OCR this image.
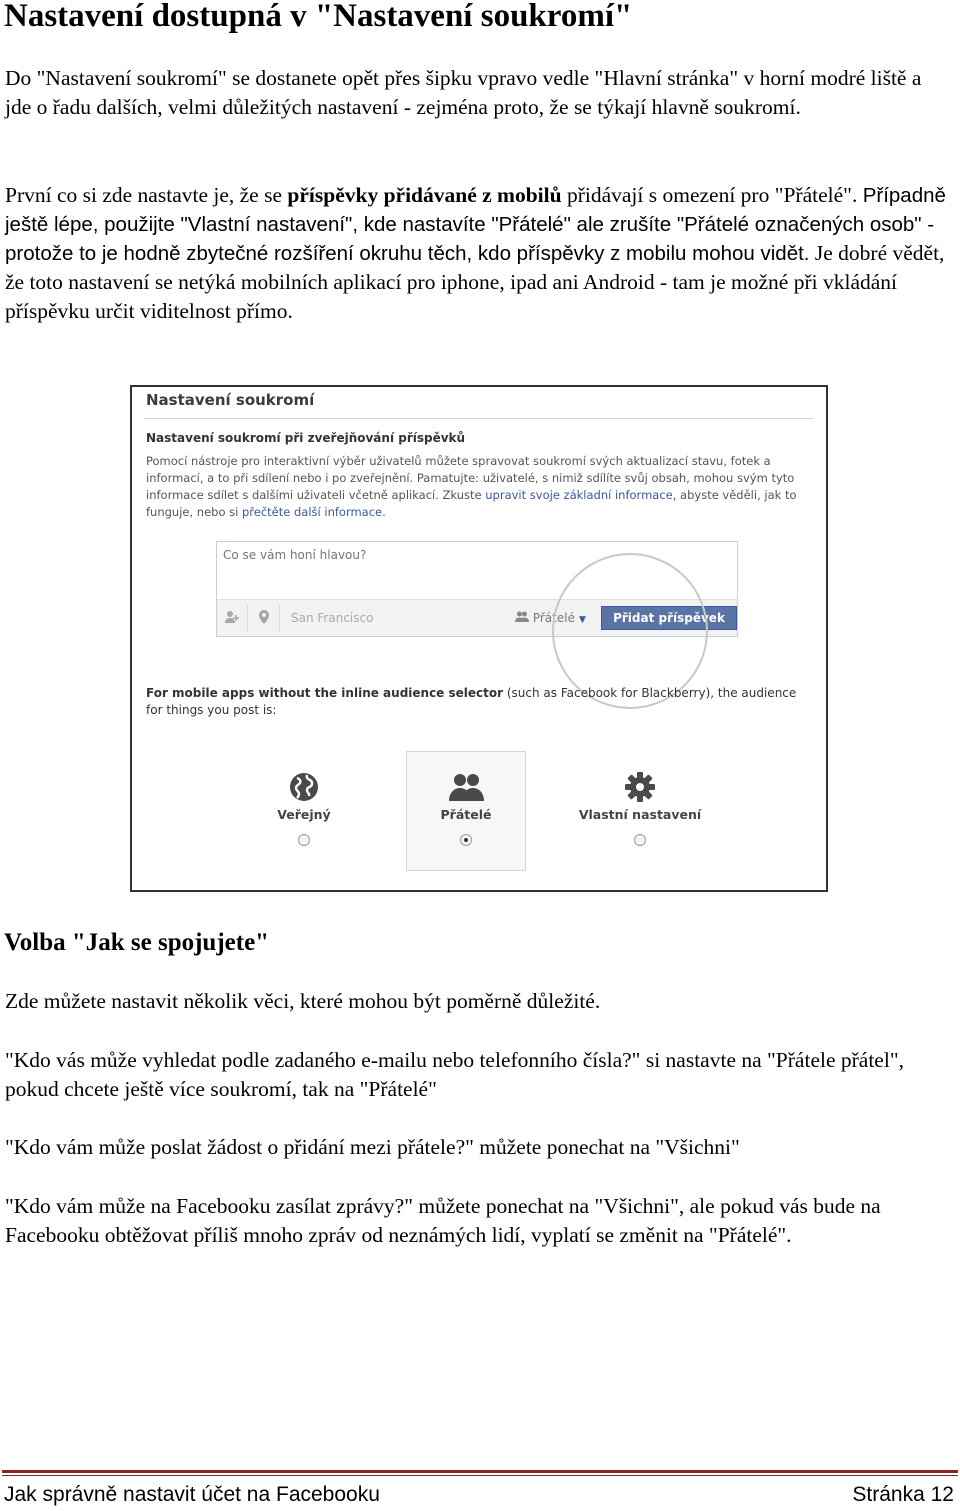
Nastavení dostupná v "Nastavení soukromí"

Do "Nastavení soukromí" se dostanete opět přes šipku vpravo vedle "Hlavní stránka" v horní modré liště a jde o řadu dalších, velmi důležitých nastavení - zejména proto, že se týkají hlavně soukromí.

První co si zde nastavte je, že se příspěvky přidávané z mobilů přidávají s omezení pro "Přátelé". Případně ještě lépe, použijte "Vlastní nastavení", kde nastavíte "Přátelé" ale zrušíte "Přátelé označených osob" - protože to je hodně zbytečné rozšíření okruhu těch, kdo příspěvky z mobilu mohou vidět. Je dobré vědět, že toto nastavení se netýká mobilních aplikací pro iphone, ipad ani Android - tam je možné při vkládání příspěvku určit viditelnost přímo.

Nastavení soukromí
Nastavení soukromí při zveřejňování příspěvků
Pomocí nástroje pro interaktivní výběr uživatelů můžete spravovat soukromí svých aktualizací stavu, fotek a informací, a to při sdílení nebo i po zveřejnění. Pamatujte: uživatelé, s nimiž sdílíte svůj obsah, mohou svým tyto informace sdílet s dalšími uživateli včetně aplikací. Zkuste upravit svoje základní informace, abyste věděli, jak to funguje, nebo si přečtěte další informace.
Co se vám honí hlavou?
San Francisco	Přátelé ▼	Přidat příspěvek
For mobile apps without the inline audience selector (such as Facebook for Blackberry), the audience for things you post is:
Veřejný	Přátelé	Vlastní nastavení
Volba "Jak se spojujete"

Zde můžete nastavit několik věci, které mohou být poměrně důležité.

"Kdo vás může vyhledat podle zadaného e-mailu nebo telefonního čísla?" si nastavte na "Přátele přátel", pokud chcete ještě více soukromí, tak na "Přátelé"

"Kdo vám může poslat žádost o přidání mezi přátele?" můžete ponechat na "Všichni"

"Kdo vám může na Facebooku zasílat zprávy?" můžete ponechat na "Všichni", ale pokud vás bude na Facebooku obtěžovat příliš mnoho zpráv od neznámých lidí, vyplatí se změnit na "Přátelé".

Jak správně nastavit účet na Facebooku	Stránka 12
